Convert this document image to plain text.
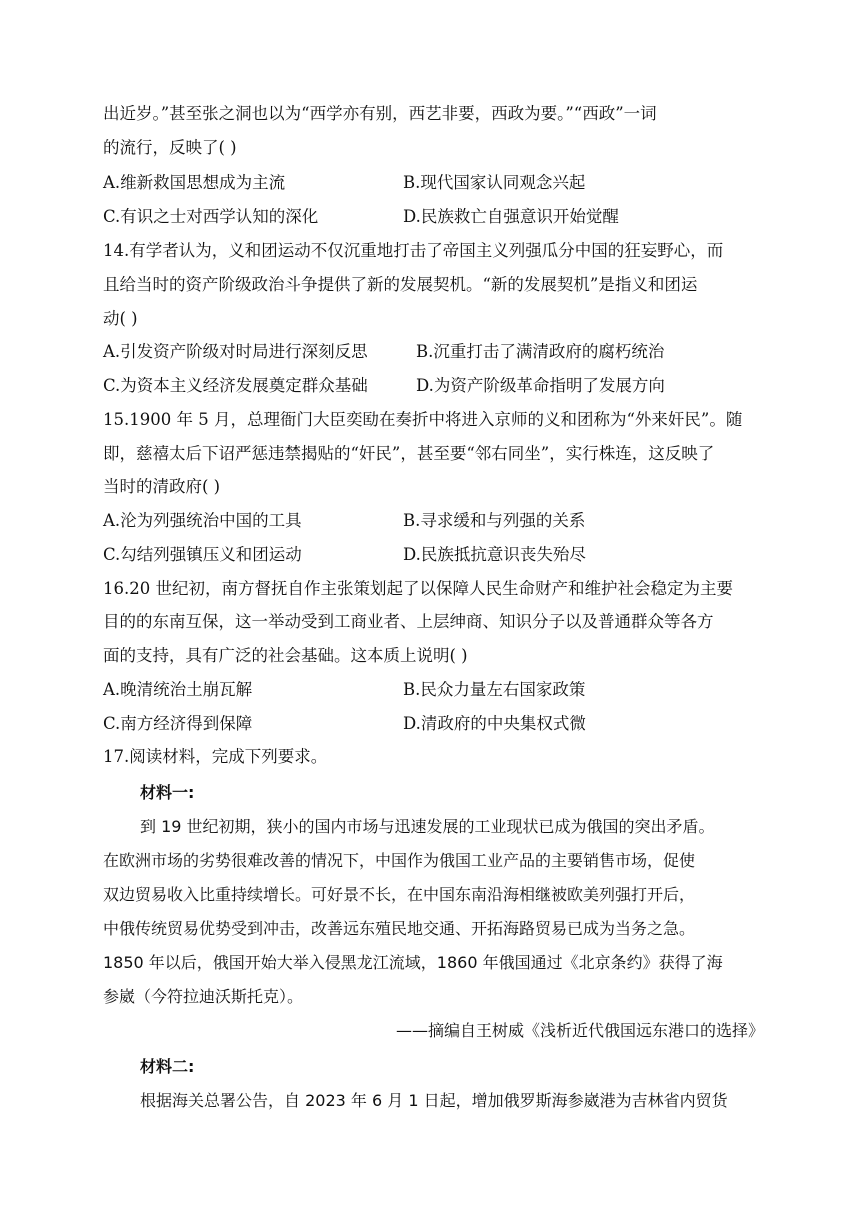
出近岁。”甚至张之洞也以为“西学亦有别，西艺非要，西政为要。”“西政”一词
的流行，反映了( )
A.维新救国思想成为主流	B.现代国家认同观念兴起
C.有识之士对西学认知的深化	D.民族救亡自强意识开始觉醒
14.有学者认为，义和团运动不仅沉重地打击了帝国主义列强瓜分中国的狂妄野心，而
且给当时的资产阶级政治斗争提供了新的发展契机。“新的发展契机”是指义和团运
动( )
A.引发资产阶级对时局进行深刻反思	B.沉重打击了满清政府的腐朽统治
C.为资本主义经济发展奠定群众基础	D.为资产阶级革命指明了发展方向
15.1900 年 5 月，总理衙门大臣奕劻在奏折中将进入京师的义和团称为“外来奸民”。随
即，慈禧太后下诏严惩违禁揭贴的“奸民”，甚至要“邻右同坐”，实行株连，这反映了
当时的清政府( )
A.沦为列强统治中国的工具	B.寻求缓和与列强的关系
C.勾结列强镇压义和团运动	D.民族抵抗意识丧失殆尽
16.20 世纪初，南方督抚自作主张策划起了以保障人民生命财产和维护社会稳定为主要
目的的东南互保，这一举动受到工商业者、上层绅商、知识分子以及普通群众等各方
面的支持，具有广泛的社会基础。这本质上说明( )
A.晚清统治土崩瓦解	B.民众力量左右国家政策
C.南方经济得到保障	D.清政府的中央集权式微
17.阅读材料，完成下列要求。
材料一:
到 19 世纪初期，狭小的国内市场与迅速发展的工业现状已成为俄国的突出矛盾。
在欧洲市场的劣势很难改善的情况下，中国作为俄国工业产品的主要销售市场，促使
双边贸易收入比重持续增长。可好景不长，在中国东南沿海相继被欧美列强打开后，
中俄传统贸易优势受到冲击，改善远东殖民地交通、开拓海路贸易已成为当务之急。
1850 年以后，俄国开始大举入侵黑龙江流域，1860 年俄国通过《北京条约》获得了海
参崴（今符拉迪沃斯托克）。
——摘编自王树威《浅析近代俄国远东港口的选择》
材料二:
根据海关总署公告，自 2023 年 6 月 1 日起，增加俄罗斯海参崴港为吉林省内贸货
